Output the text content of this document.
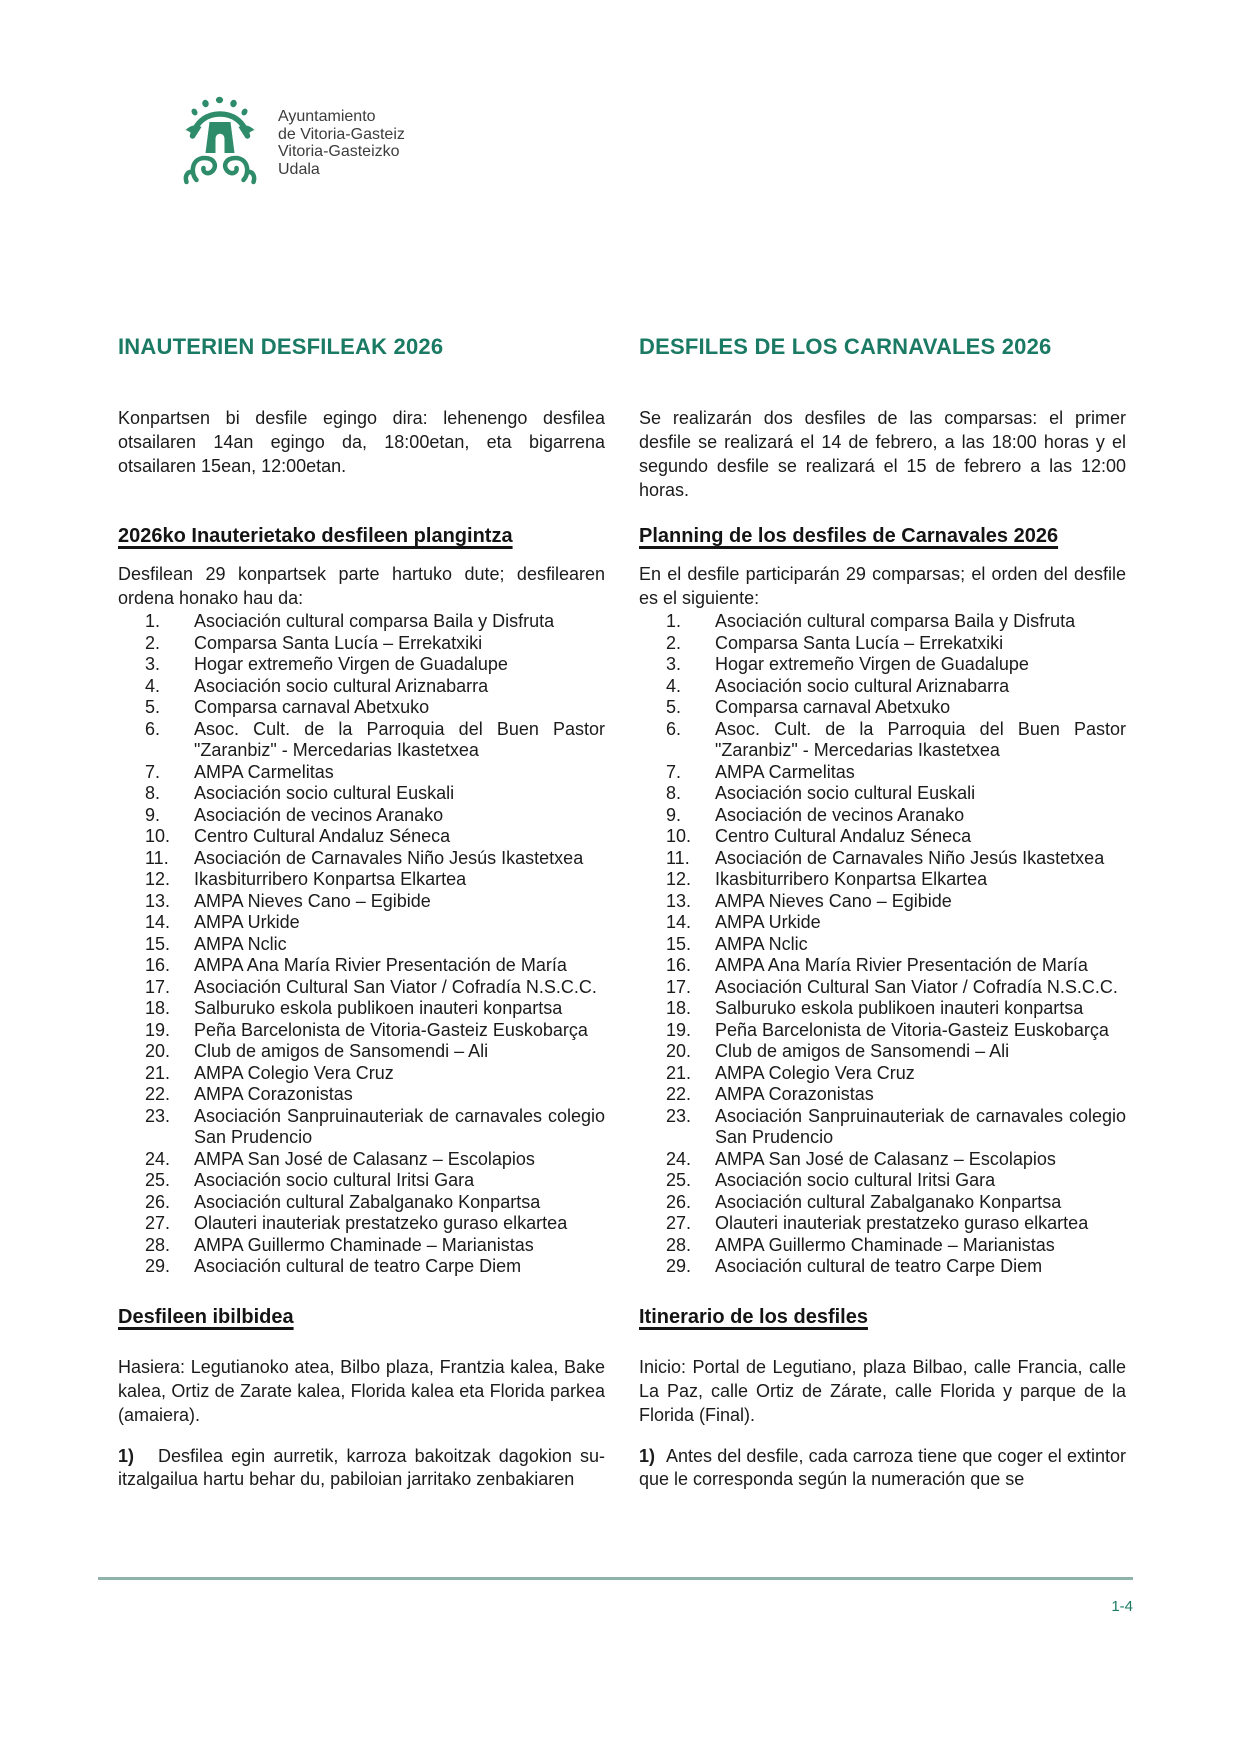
Ayuntamiento
de Vitoria-Gasteiz
Vitoria-Gasteizko
Udala
INAUTERIEN DESFILEAK 2026	DESFILES DE LOS CARNAVALES 2026

Konpartsen bi desfile egingo dira: lehenengo desfilea otsailaren 14an egingo da, 18:00etan, eta bigarrena otsailaren 15ean, 12:00etan.

Se realizarán dos desfiles de las comparsas: el primer desfile se realizará el 14 de febrero, a las 18:00 horas y el segundo desfile se realizará el 15 de febrero a las 12:00 horas.

2026ko Inauterietako desfileen plangintza	Planning de los desfiles de Carnavales 2026

Desfilean 29 konpartsek parte hartuko dute; desfilearen ordena honako hau da:

En el desfile participarán 29 comparsas; el orden del desfile es el siguiente:

Asociación cultural comparsa Baila y Disfruta
Comparsa Santa Lucía – Errekatxiki
Hogar extremeño Virgen de Guadalupe
Asociación socio cultural Ariznabarra
Comparsa carnaval Abetxuko
Asoc. Cult. de la Parroquia del Buen Pastor "Zaranbiz" - Mercedarias Ikastetxea
AMPA Carmelitas
Asociación socio cultural Euskali
Asociación de vecinos Aranako
Centro Cultural Andaluz Séneca
Asociación de Carnavales Niño Jesús Ikastetxea
Ikasbiturribero Konpartsa Elkartea
AMPA Nieves Cano – Egibide
AMPA Urkide
AMPA Nclic
AMPA Ana María Rivier Presentación de María
Asociación Cultural San Viator / Cofradía N.S.C.C.
Salburuko eskola publikoen inauteri konpartsa
Peña Barcelonista de Vitoria-Gasteiz Euskobarça
Club de amigos de Sansomendi – Ali
AMPA Colegio Vera Cruz
AMPA Corazonistas
Asociación Sanpruinauteriak de carnavales colegio San Prudencio
AMPA San José de Calasanz – Escolapios
Asociación socio cultural Iritsi Gara
Asociación cultural Zabalganako Konpartsa
Olauteri inauteriak prestatzeko guraso elkartea
AMPA Guillermo Chaminade – Marianistas
Asociación cultural de teatro Carpe Diem
Asociación cultural comparsa Baila y Disfruta
Comparsa Santa Lucía – Errekatxiki
Hogar extremeño Virgen de Guadalupe
Asociación socio cultural Ariznabarra
Comparsa carnaval Abetxuko
Asoc. Cult. de la Parroquia del Buen Pastor "Zaranbiz" - Mercedarias Ikastetxea
AMPA Carmelitas
Asociación socio cultural Euskali
Asociación de vecinos Aranako
Centro Cultural Andaluz Séneca
Asociación de Carnavales Niño Jesús Ikastetxea
Ikasbiturribero Konpartsa Elkartea
AMPA Nieves Cano – Egibide
AMPA Urkide
AMPA Nclic
AMPA Ana María Rivier Presentación de María
Asociación Cultural San Viator / Cofradía N.S.C.C.
Salburuko eskola publikoen inauteri konpartsa
Peña Barcelonista de Vitoria-Gasteiz Euskobarça
Club de amigos de Sansomendi – Ali
AMPA Colegio Vera Cruz
AMPA Corazonistas
Asociación Sanpruinauteriak de carnavales colegio San Prudencio
AMPA San José de Calasanz – Escolapios
Asociación socio cultural Iritsi Gara
Asociación cultural Zabalganako Konpartsa
Olauteri inauteriak prestatzeko guraso elkartea
AMPA Guillermo Chaminade – Marianistas
Asociación cultural de teatro Carpe Diem
Desfileen ibilbidea	Itinerario de los desfiles

Hasiera: Legutianoko atea, Bilbo plaza, Frantzia kalea, Bake kalea, Ortiz de Zarate kalea, Florida kalea eta Florida parkea (amaiera).

Inicio: Portal de Legutiano, plaza Bilbao, calle Francia, calle La Paz, calle Ortiz de Zárate, calle Florida y parque de la Florida (Final).

1) Desfilea egin aurretik, karroza bakoitzak dagokion su-itzalgailua hartu behar du, pabiloian jarritako zenbakiaren

1) Antes del desfile, cada carroza tiene que coger el extintor que le corresponda según la numeración que se

1-4
